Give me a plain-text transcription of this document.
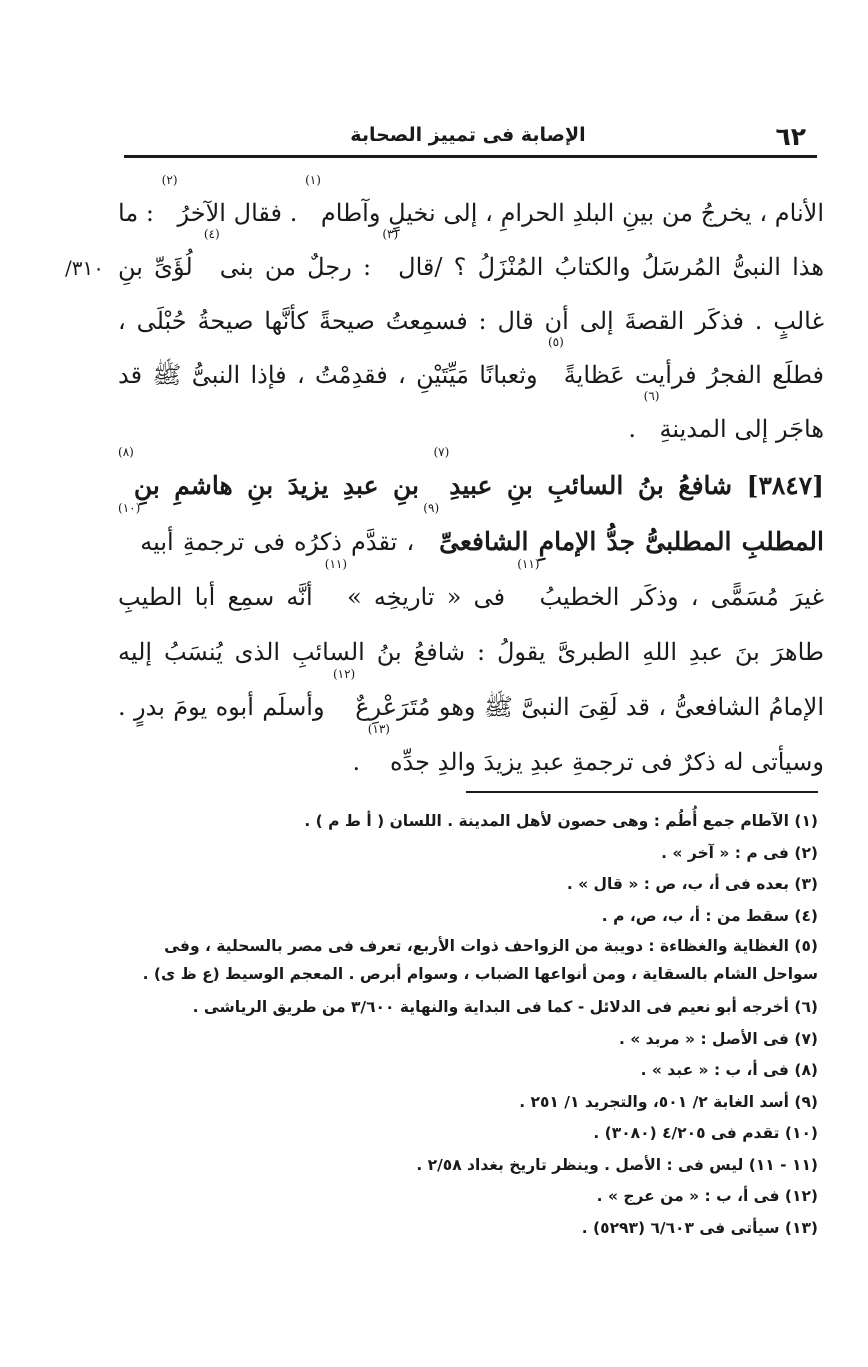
٦٢
الإصابة فى تمييز الصحابة
٣١٠/

الأنام ، يخرجُ من بينِ البلدِ الحرامِ ، إلى نخيلٍ وآطام$^{(١)}$ . فقال الآخرُ$^{(٢)}$ : ما هذا النبىُّ المُرسَلُ والكتابُ المُنْزَلُ ؟ /قال$^{(٣)}$ : رجلٌ من بنى$^{(٤)}$ لُؤَىِّ بنِ غالبٍ . فذكَر القصةَ إلى أن قال : فسمِعتُ صيحةً كأنَّها صيحةُ حُبْلَى ، فطلَع الفجرُ فرأيت عَظايةً$^{(٥)}$ وثعبانًا مَيِّتَيْنِ ، فقدِمْتُ ، فإذا النبىُّ ﷺ قد هاجَر إلى المدينةِ$^{(٦)}$ .

[٣٨٤٧] شافعُ بنُ السائبِ بنِ عبيدِ$^{(٧)}$ بنِ عبدِ يزيدَ بنِ هاشمِ بنِ$^{(٨)}$ المطلبِ المطلبىُّ جدُّ الإمامِ الشافعىِّ$^{(٩)}$ ، تقدَّم ذكرُه فى ترجمةِ أبيه$^{(١٠)}$ غيرَ مُسَمًّى ، وذكَر الخطيبُ$^{(١١)}$ فى « تاريخِه »$^{(١١)}$ أنَّه سمِع أبا الطيبِ طاهرَ بنَ عبدِ اللهِ الطبرىَّ يقولُ : شافعُ بنُ السائبِ الذى يُنسَبُ إليه الإمامُ الشافعىُّ ، قد لَقِىَ النبىَّ ﷺ وهو مُتَرَعْرِعٌ$^{(١٢)}$ وأسلَم أبوه يومَ بدرٍ . وسيأتى له ذكرٌ فى ترجمةِ عبدِ يزيدَ والدِ جدِّه$^{(١٣)}$ .

(١) الآطام جمع أُطُم : وهى حصون لأهل المدينة . اللسان ( أ ط م ) .

(٢) فى م : « آخر » .

(٣) بعده فى أ، ب، ص : « قال » .

(٤) سقط من : أ، ب، ص، م .

(٥) الغظاية والغظاءة : دويبة من الزواحف ذوات الأربع، تعرف فى مصر بالسحلية ، وفى سواحل الشام بالسقاية ، ومن أنواعها الضباب ، وسوام أبرص . المعجم الوسيط (ع ظ ى) .

(٦) أخرجه أبو نعيم فى الدلائل - كما فى البداية والنهاية ٣/٦٠٠ من طريق الرياشى .

(٧) فى الأصل : « مربد » .

(٨) فى أ، ب : « عبد » .

(٩) أسد الغابة ٢/ ٥٠١، والتجريد ١/ ٢٥١ .

(١٠) تقدم فى ٤/٢٠٥ (٣٠٨٠) .

(١١ - ١١) ليس فى : الأصل . وينظر تاريخ بغداد ٢/٥٨ .

(١٢) فى أ، ب : « من عرج » .

(١٣) سيأتى فى ٦/٦٠٣ (٥٢٩٣) .
